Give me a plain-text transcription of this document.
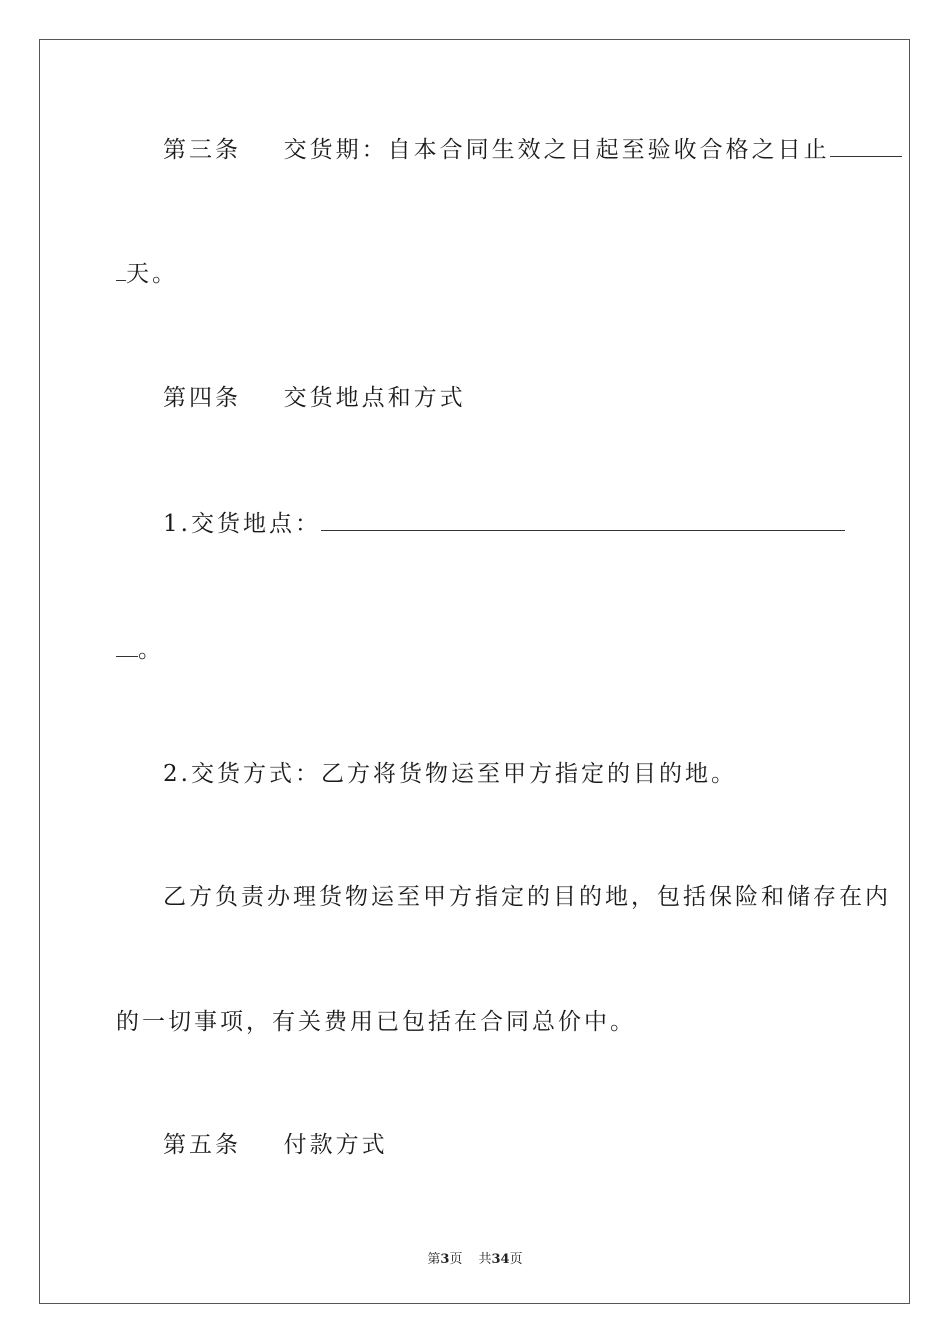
第三条 交货期：自本合同生效之日起至验收合格之日止
天。
第四条 交货地点和方式
1.交货地点：
。
2.交货方式：乙方将货物运至甲方指定的目的地。
乙方负责办理货物运至甲方指定的目的地，包括保险和储存在内
的一切事项，有关费用已包括在合同总价中。
第五条 付款方式
第3页 共34页
